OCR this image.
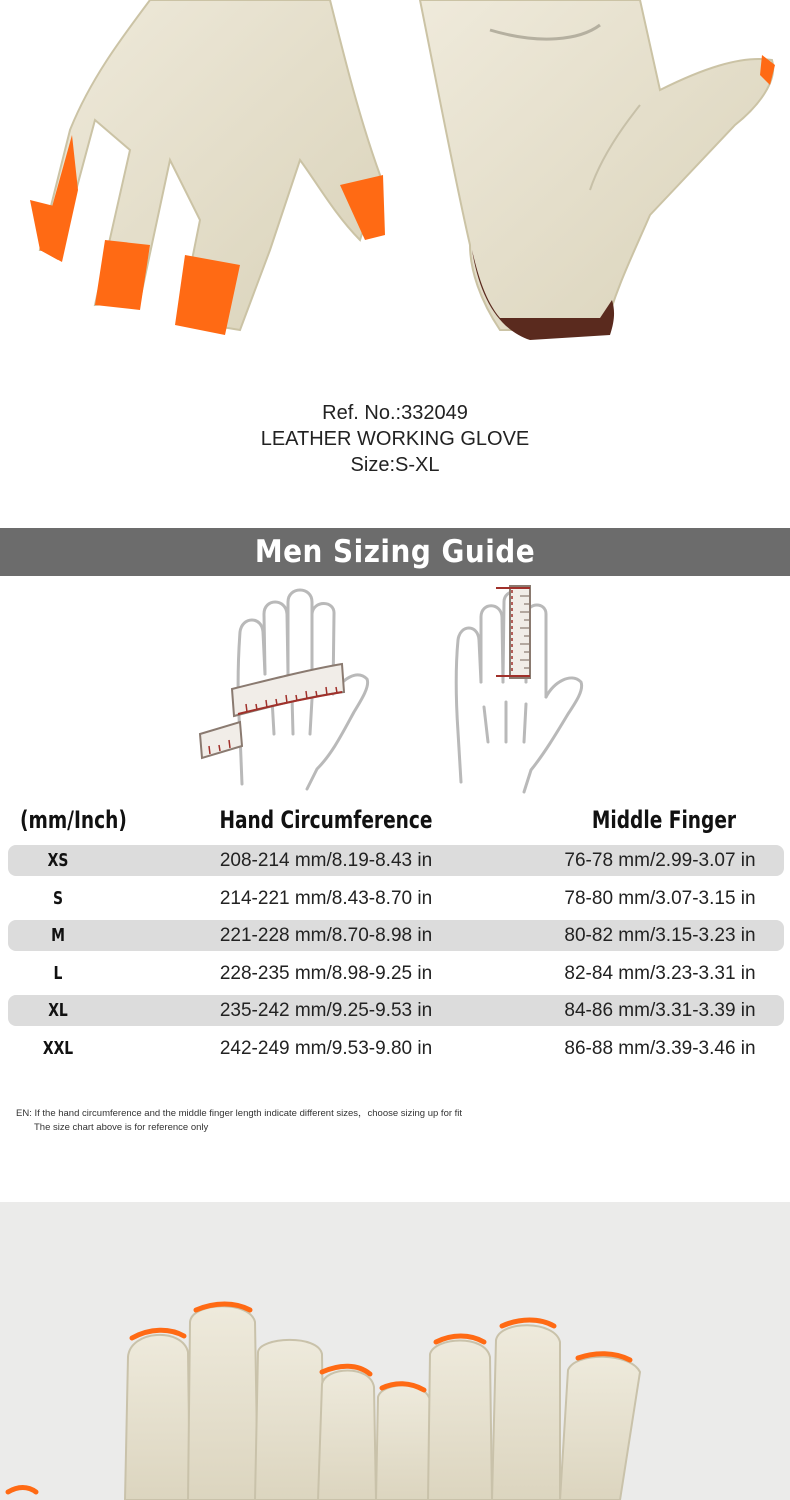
Ref. No.:332049
LEATHER WORKING GLOVE
Size:S-XL
Men Sizing Guide
(mm/Inch)	Hand Circumference	Middle Finger
XS	208-214 mm/8.19-8.43 in	76-78 mm/2.99-3.07 in
S	214-221 mm/8.43-8.70 in	78-80 mm/3.07-3.15 in
M	221-228 mm/8.70-8.98 in	80-82 mm/3.15-3.23 in
L	228-235 mm/8.98-9.25 in	82-84 mm/3.23-3.31 in
XL	235-242 mm/9.25-9.53 in	84-86 mm/3.31-3.39 in
XXL	242-249 mm/9.53-9.80 in	86-88 mm/3.39-3.46 in
EN: If the hand circumference and the middle finger length indicate different sizes，choose sizing up for fit
The size chart above is for reference only
